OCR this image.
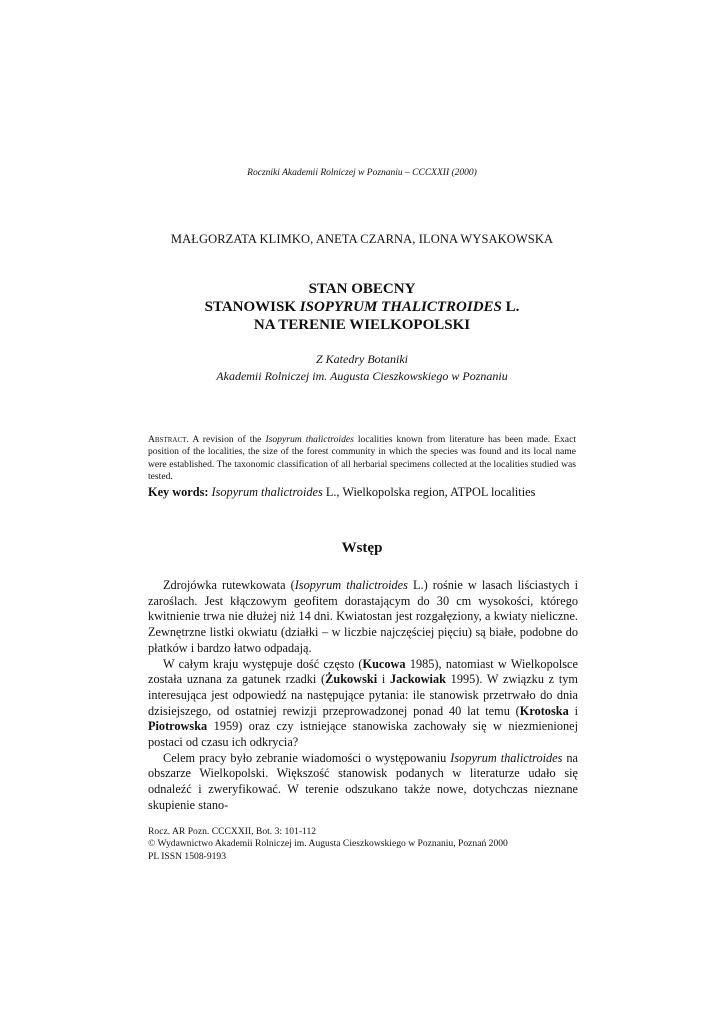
Roczniki Akademii Rolniczej w Poznaniu – CCCXXII (2000)
MAŁGORZATA KLIMKO, ANETA CZARNA, ILONA WYSAKOWSKA
STAN OBECNY
STANOWISK ISOPYRUM THALICTROIDES L.
NA TERENIE WIELKOPOLSKI
Z Katedry Botaniki
Akademii Rolniczej im. Augusta Cieszkowskiego w Poznaniu
Abstract. A revision of the Isopyrum thalictroides localities known from literature has been made. Exact position of the localities, the size of the forest community in which the species was found and its local name were established. The taxonomic classification of all herbarial specimens collected at the localities studied was tested.
Key words: Isopyrum thalictroides L., Wielkopolska region, ATPOL localities
Wstęp

Zdrojówka rutewkowata (Isopyrum thalictroides L.) rośnie w lasach liściastych i zaroślach. Jest kłączowym geofitem dorastającym do 30 cm wysokości, którego kwitnienie trwa nie dłużej niż 14 dni. Kwiatostan jest rozgałęziony, a kwiaty nieliczne. Zewnętrzne listki okwiatu (działki – w liczbie najczęściej pięciu) są białe, podobne do płatków i bardzo łatwo odpadają.

W całym kraju występuje dość często (Kucowa 1985), natomiast w Wielkopolsce została uznana za gatunek rzadki (Żukowski i Jackowiak 1995). W związku z tym interesująca jest odpowiedź na następujące pytania: ile stanowisk przetrwało do dnia dzisiejszego, od ostatniej rewizji przeprowadzonej ponad 40 lat temu (Krotoska i Piotrowska 1959) oraz czy istniejące stanowiska zachowały się w niezmienionej postaci od czasu ich odkrycia?

Celem pracy było zebranie wiadomości o występowaniu Isopyrum thalictroides na obszarze Wielkopolski. Większość stanowisk podanych w literaturze udało się odnaleźć i zweryfikować. W terenie odszukano także nowe, dotychczas nieznane skupienie stano-

Rocz. AR Pozn. CCCXXII, Bot. 3: 101-112
© Wydawnictwo Akademii Rolniczej im. Augusta Cieszkowskiego w Poznaniu, Poznań 2000
PL ISSN 1508-9193
